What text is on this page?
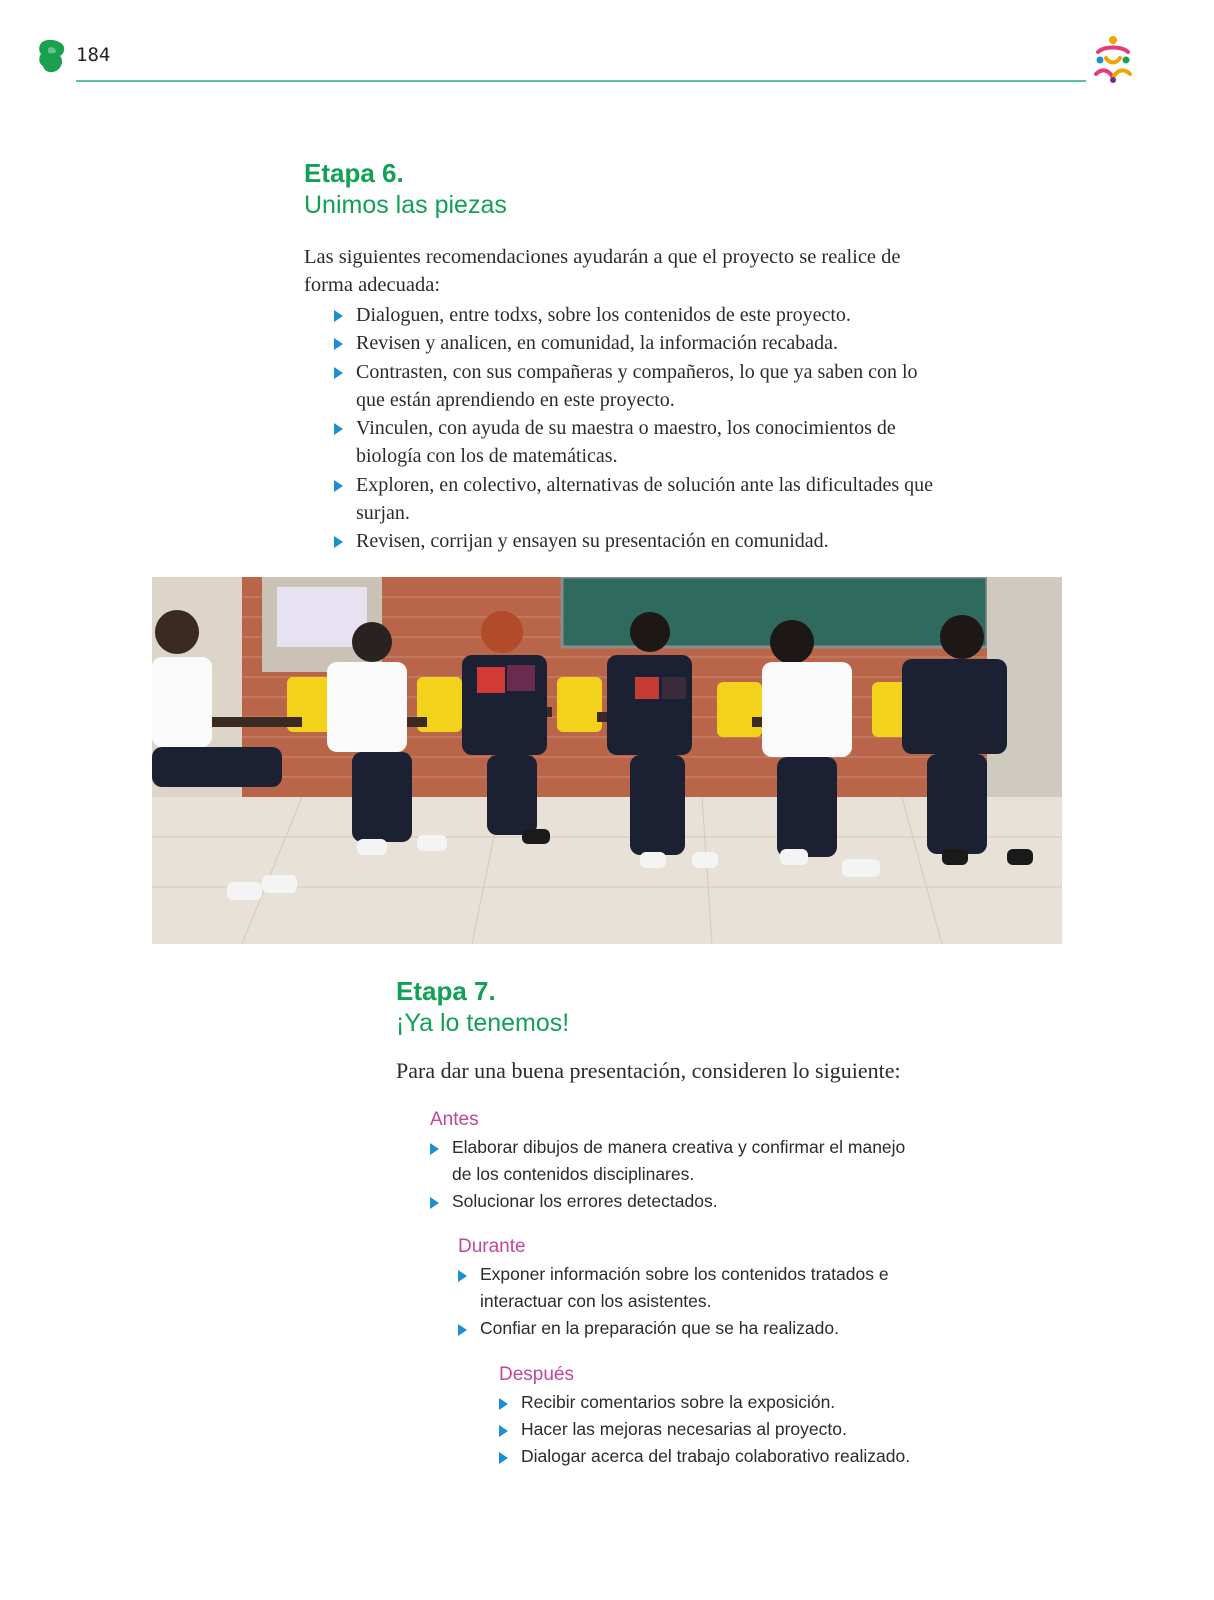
184
Etapa 6.
Unimos las piezas

Las siguientes recomendaciones ayudarán a que el proyecto se realice de forma adecuada:

Dialoguen, entre todxs, sobre los contenidos de este proyecto.
Revisen y analicen, en comunidad, la información recabada.
Contrasten, con sus compañeras y compañeros, lo que ya saben con lo que están aprendiendo en este proyecto.
Vinculen, con ayuda de su maestra o maestro, los conocimientos de biología con los de matemáticas.
Exploren, en colectivo, alternativas de solución ante las dificultades que surjan.
Revisen, corrijan y ensayen su presentación en comunidad.
Etapa 7.
¡Ya lo tenemos!

Para dar una buena presentación, consideren lo siguiente:

Antes
Elaborar dibujos de manera creativa y confirmar el manejo de los contenidos disciplinares.
Solucionar los errores detectados.
Durante
Exponer información sobre los contenidos tratados e interactuar con los asistentes.
Confiar en la preparación que se ha realizado.
Después
Recibir comentarios sobre la exposición.
Hacer las mejoras necesarias al proyecto.
Dialogar acerca del trabajo colaborativo realizado.
